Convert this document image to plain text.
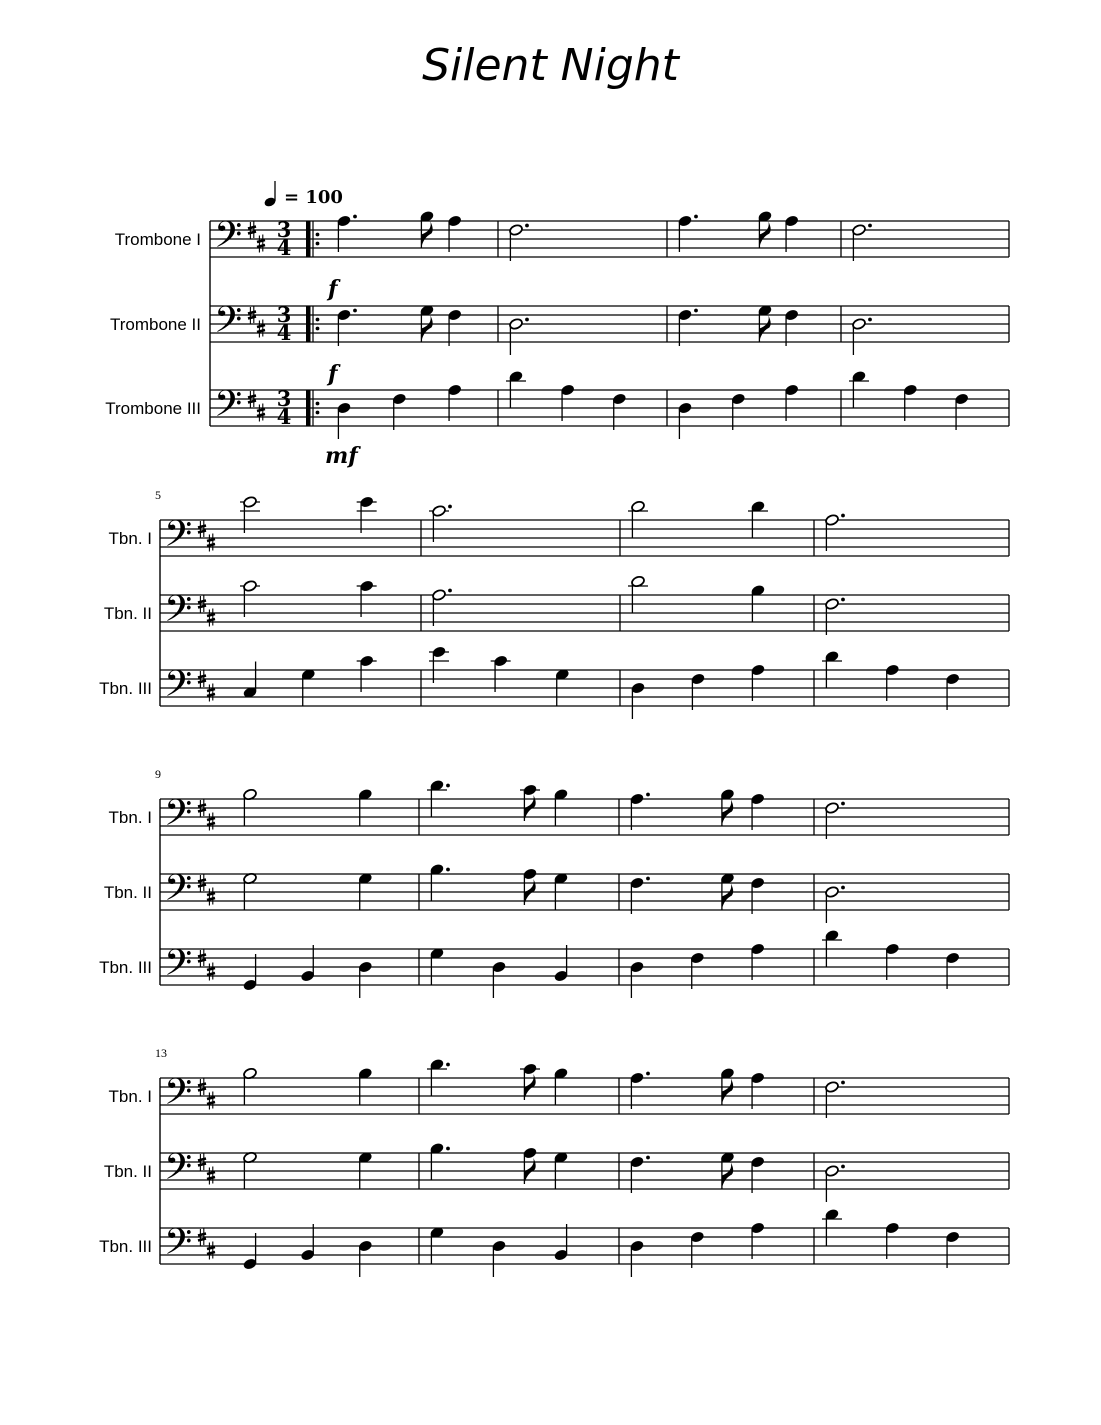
Silent Night
Trombone I 𝄢 3
4
Trombone II 𝄢 3
4
Trombone III 𝄢 3
4
5
Tbn. I 𝄢
Tbn. II 𝄢
Tbn. III 𝄢
9
Tbn. I 𝄢
Tbn. II 𝄢
Tbn. III 𝄢
13
Tbn. I 𝄢
Tbn. II 𝄢
Tbn. III 𝄢
= 100
f
f
mf
